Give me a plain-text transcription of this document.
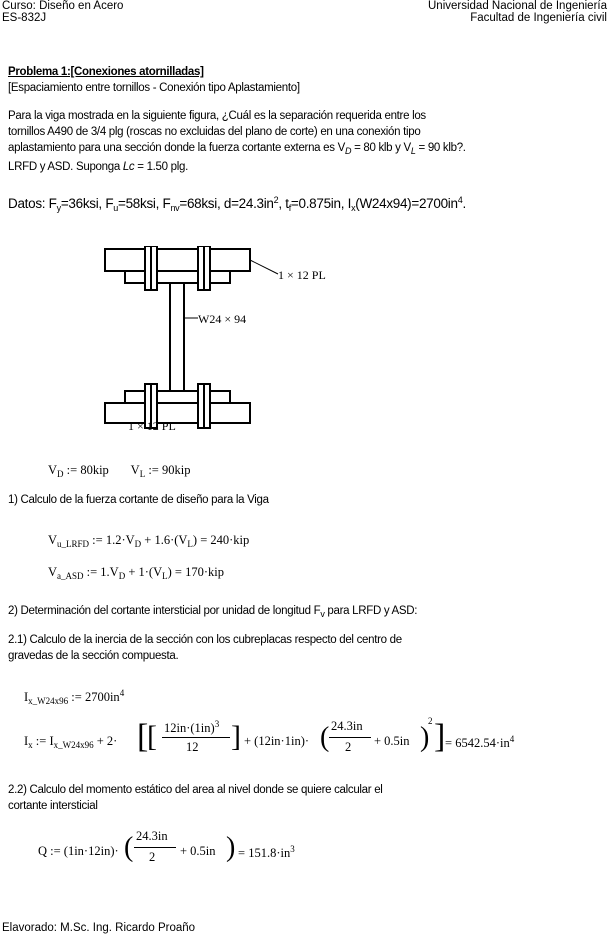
Curso: Diseño en Acero
ES-832J
Universidad Nacional de Ingeniería
Facultad de Ingeniería civil
Problema 1:[Conexiones atornilladas]
[Espaciamiento entre tornillos - Conexión tipo Aplastamiento]
Para la viga mostrada en la siguiente figura, ¿Cuál es la separación requerida entre los
tornillos A490 de 3/4 plg (roscas no excluidas del plano de corte) en una conexión tipo
aplastamiento para una sección donde la fuerza cortante externa es $V_D = 80$ klb y $V_L = 90$ klb?.
LRFD y ASD. Suponga Lc = 1.50 plg.
Datos: $F_y=36ksi$, $F_u=58ksi$, $F_{nv}=68ksi$, $d=24.3in^2$, $t_f=0.875in$, $I_x(W24x94)=2700in^4$.
1 × 12 PL
W24 × 94
1 × 12 PL
$V_D$ := 80kip       $V_L$ := 90kip
1) Calculo de la fuerza cortante de diseño para la Viga
$V_{u\_LRFD}$ := $1.2\cdot V_D + 1.6\cdot(V_L) = 240\cdot kip$
$V_{a\_ASD}$ := $1.V_D + 1\cdot(V_L) = 170\cdot kip$
2) Determinación del cortante intersticial por unidad de longitud $F_v$ para LRFD y ASD:
2.1) Calculo de la inercia de la sección con los cubreplacas respecto del centro de
gravedas de la sección compuesta.
$I_{x\_W24x96}$ := $2700in^4$
$I_x$ := $I_{x\_W24x96} + 2\cdot$ [
[ $12in\cdot(1in)^3$
12 ] + (12in·1in)· ( 24.3in
2 + 0.5in )
2 ] = $6542.54\cdot in^4$
2.2) Calculo del momento estático del area al nivel donde se quiere calcular el
cortante intersticial
Q := (1in·12in)· ( 24.3in
2 + 0.5in ) = $151.8\cdot in^3$
Elavorado: M.Sc. Ing. Ricardo Proaño
